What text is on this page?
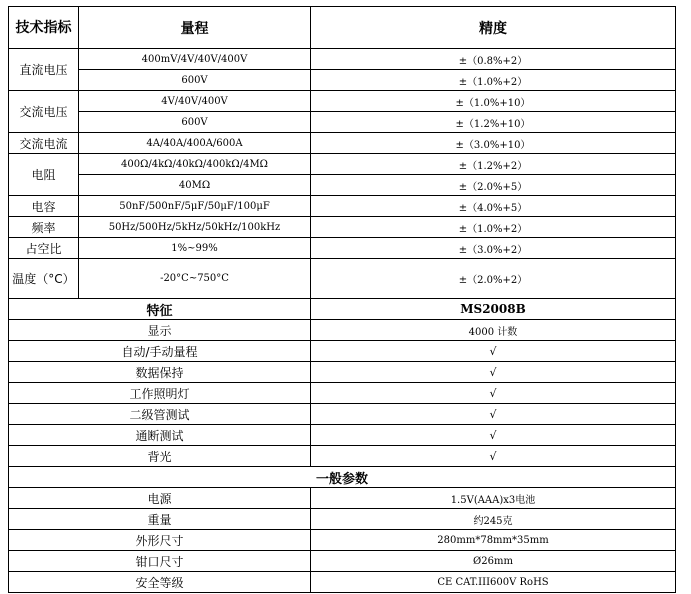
技术指标	量程	精度
直流电压	400mV/4V/40V/400V	±（0.8%+2）
	600V	±（1.0%+2）
交流电压	4V/40V/400V	±（1.0%+10）
	600V	±（1.2%+10）
交流电流	4A/40A/400A/600A	±（3.0%+10）
电阻	400Ω/4kΩ/40kΩ/400kΩ/4MΩ	±（1.2%+2）
	40MΩ	±（2.0%+5）
电容	50nF/500nF/5μF/50μF/100μF	±（4.0%+5）
频率	50Hz/500Hz/5kHz/50kHz/100kHz	±（1.0%+2）
占空比	1%~99%	±（3.0%+2）
温度（°C）	-20°C~750°C	±（2.0%+2）
特征		MS2008B
显示		4000 计数
自动/手动量程		√
数据保持		√
工作照明灯		√
二级管测试		√
通断测试		√
背光		√
一般参数		
电源		1.5V(AAA)x3电池
重量		约245克
外形尺寸		280mm*78mm*35mm
钳口尺寸		Ø26mm
安全等级		CE CAT.III600V RoHS
